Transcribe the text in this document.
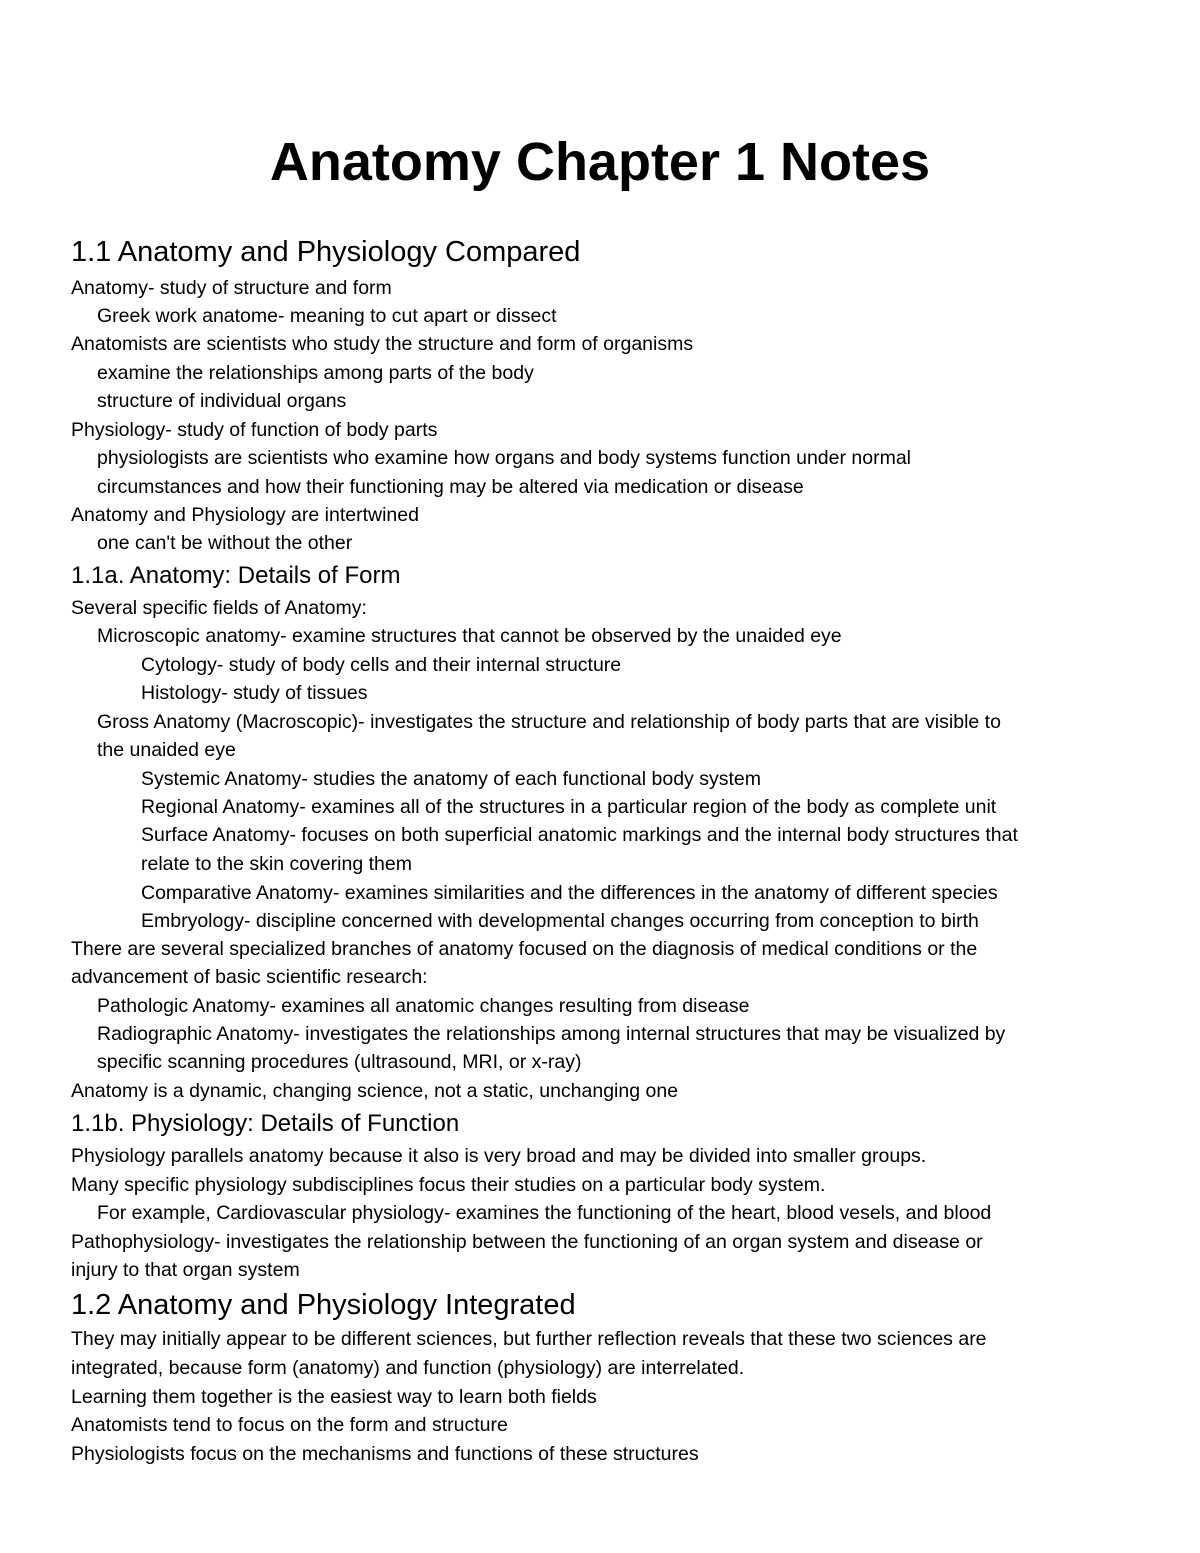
Anatomy Chapter 1 Notes
1.1 Anatomy and Physiology Compared
Anatomy- study of structure and form
Greek work anatome- meaning to cut apart or dissect
Anatomists are scientists who study the structure and form of organisms
examine the relationships among parts of the body
structure of individual organs
Physiology- study of function of body parts
physiologists are scientists who examine how organs and body systems function under normal
circumstances and how their functioning may be altered via medication or disease
Anatomy and Physiology are intertwined
one can't be without the other
1.1a. Anatomy: Details of Form
Several specific fields of Anatomy:
Microscopic anatomy- examine structures that cannot be observed by the unaided eye
Cytology- study of body cells and their internal structure
Histology- study of tissues
Gross Anatomy (Macroscopic)- investigates the structure and relationship of body parts that are visible to
the unaided eye
Systemic Anatomy- studies the anatomy of each functional body system
Regional Anatomy- examines all of the structures in a particular region of the body as complete unit
Surface Anatomy- focuses on both superficial anatomic markings and the internal body structures that
relate to the skin covering them
Comparative Anatomy- examines similarities and the differences in the anatomy of different species
Embryology- discipline concerned with developmental changes occurring from conception to birth
There are several specialized branches of anatomy focused on the diagnosis of medical conditions or the
advancement of basic scientific research:
Pathologic Anatomy- examines all anatomic changes resulting from disease
Radiographic Anatomy- investigates the relationships among internal structures that may be visualized by
specific scanning procedures (ultrasound, MRI, or x-ray)
Anatomy is a dynamic, changing science, not a static, unchanging one
1.1b. Physiology: Details of Function
Physiology parallels anatomy because it also is very broad and may be divided into smaller groups.
Many specific physiology subdisciplines focus their studies on a particular body system.
For example, Cardiovascular physiology- examines the functioning of the heart, blood vesels, and blood
Pathophysiology- investigates the relationship between the functioning of an organ system and disease or
injury to that organ system
1.2 Anatomy and Physiology Integrated
They may initially appear to be different sciences, but further reflection reveals that these two sciences are
integrated, because form (anatomy) and function (physiology) are interrelated.
Learning them together is the easiest way to learn both fields
Anatomists tend to focus on the form and structure
Physiologists focus on the mechanisms and functions of these structures
